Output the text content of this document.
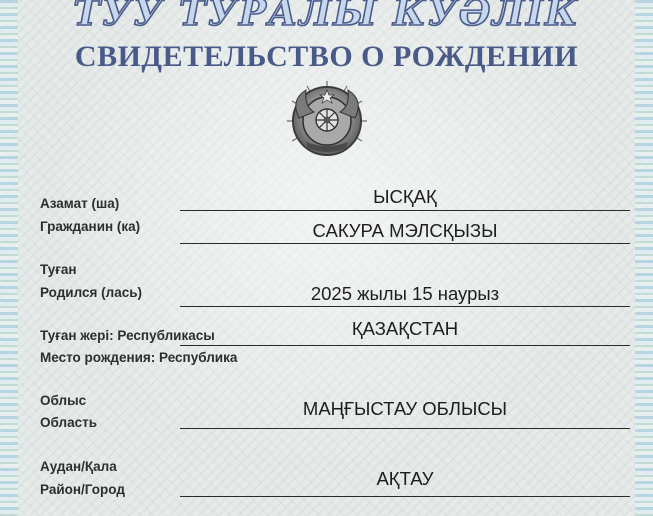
ТУУ ТУРАЛЫ КУӘЛІК
СВИДЕТЕЛЬСТВО О РОЖДЕНИИ
Азамат (ша)
Гражданин (ка)
ЫСҚАҚ
САКУРА МЭЛСҚЫЗЫ
Туған
Родился (лась)	2025 жылы 15 наурыз
Туған жері: Республикасы
Место рождения: Республика
ҚАЗАҚСТАН
Облыс
Область
МАҢҒЫСТАУ ОБЛЫСЫ
Аудан/Қала
Район/Город
АҚТАУ
